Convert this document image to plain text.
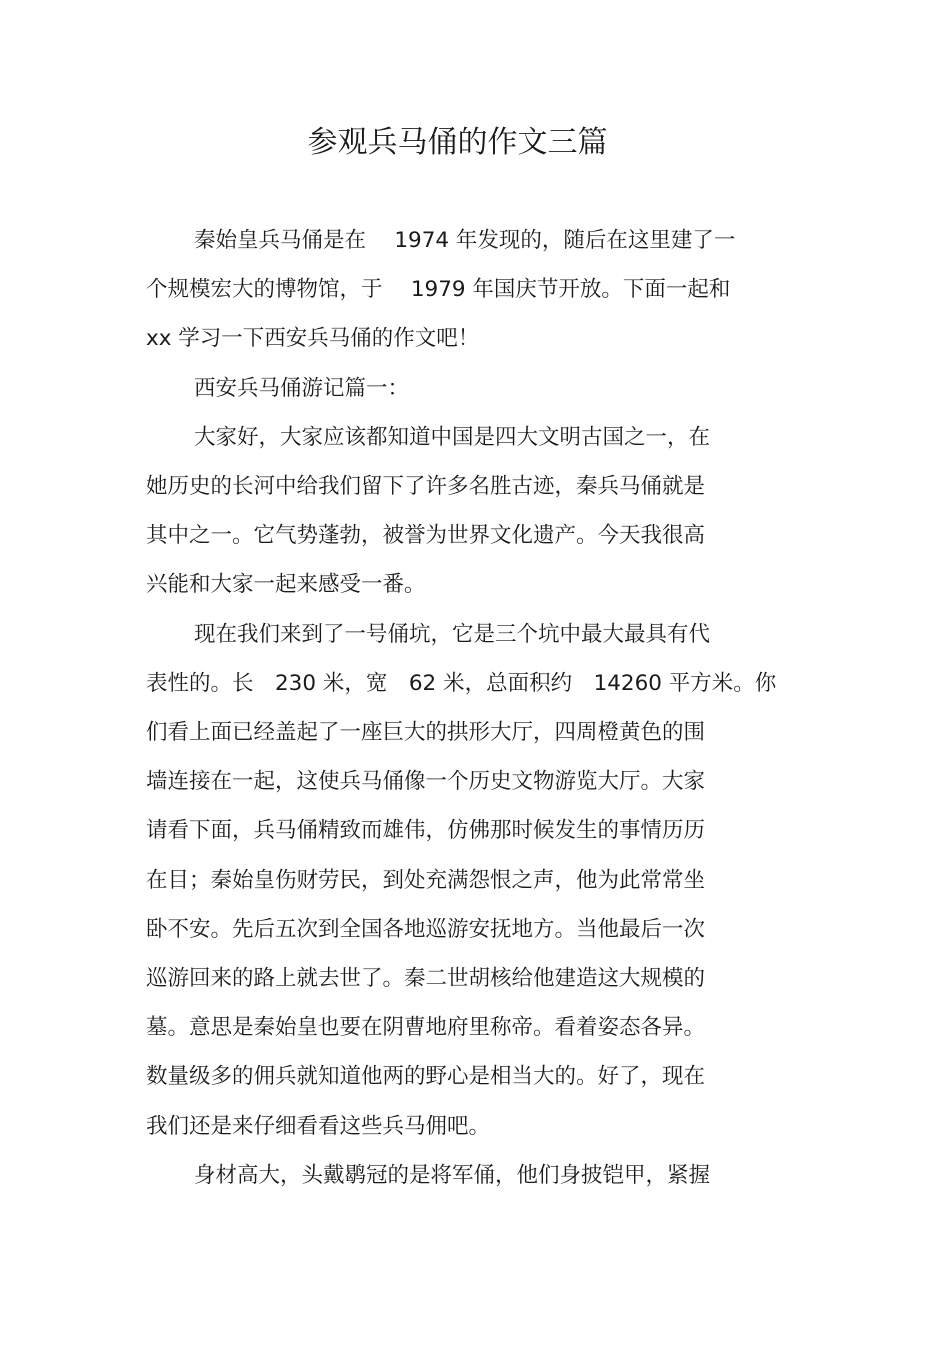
参观兵马俑的作文三篇
秦始皇兵马俑是在　 1974 年发现的，随后在这里建了一
个规模宏大的博物馆，于　 1979 年国庆节开放。下面一起和
xx 学习一下西安兵马俑的作文吧！
西安兵马俑游记篇一：
大家好，大家应该都知道中国是四大文明古国之一，在
她历史的长河中给我们留下了许多名胜古迹，秦兵马俑就是
其中之一。它气势蓬勃，被誉为世界文化遗产。今天我很高
兴能和大家一起来感受一番。
现在我们来到了一号俑坑，它是三个坑中最大最具有代
表性的。长　230 米，宽　62 米，总面积约　14260 平方米。你
们看上面已经盖起了一座巨大的拱形大厅，四周橙黄色的围
墙连接在一起，这使兵马俑像一个历史文物游览大厅。大家
请看下面，兵马俑精致而雄伟，仿佛那时候发生的事情历历
在目；秦始皇伤财劳民，到处充满怨恨之声，他为此常常坐
卧不安。先后五次到全国各地巡游安抚地方。当他最后一次
巡游回来的路上就去世了。秦二世胡核给他建造这大规模的
墓。意思是秦始皇也要在阴曹地府里称帝。看着姿态各异。
数量级多的佣兵就知道他两的野心是相当大的。好了，现在
我们还是来仔细看看这些兵马佣吧。
身材高大，头戴鹖冠的是将军俑，他们身披铠甲，紧握
